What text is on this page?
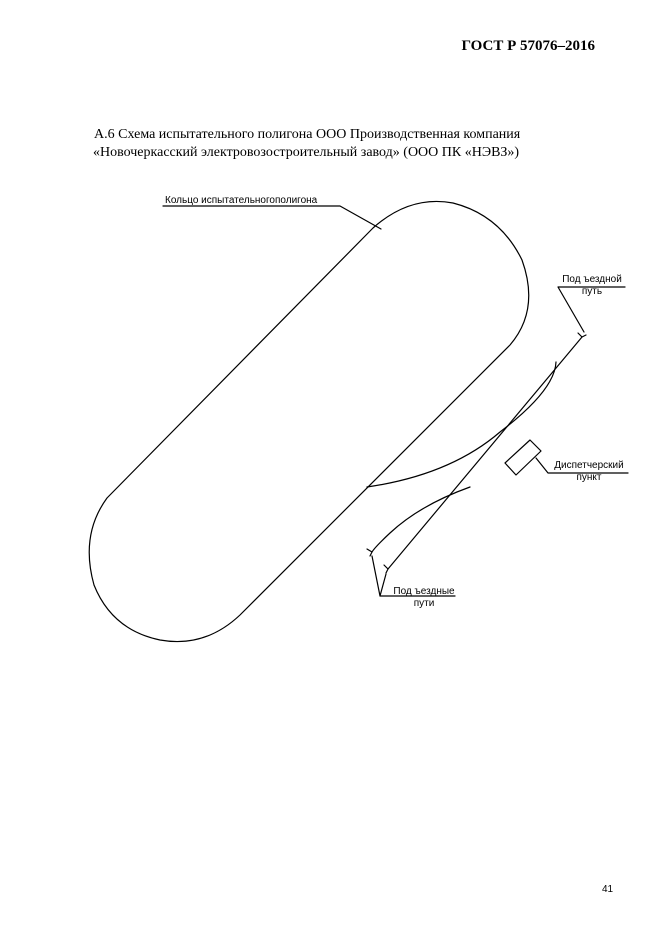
ГОСТ Р 57076–2016
А.6 Схема испытательного полигона ООО Производственная компания
«Новочеркасский электровозостроительный завод» (ООО ПК «НЭВЗ»)
Кольцо испытательногополигона
Под ъездной
путь
Диспетчерский
пункт
Под ъездные
пути
41
